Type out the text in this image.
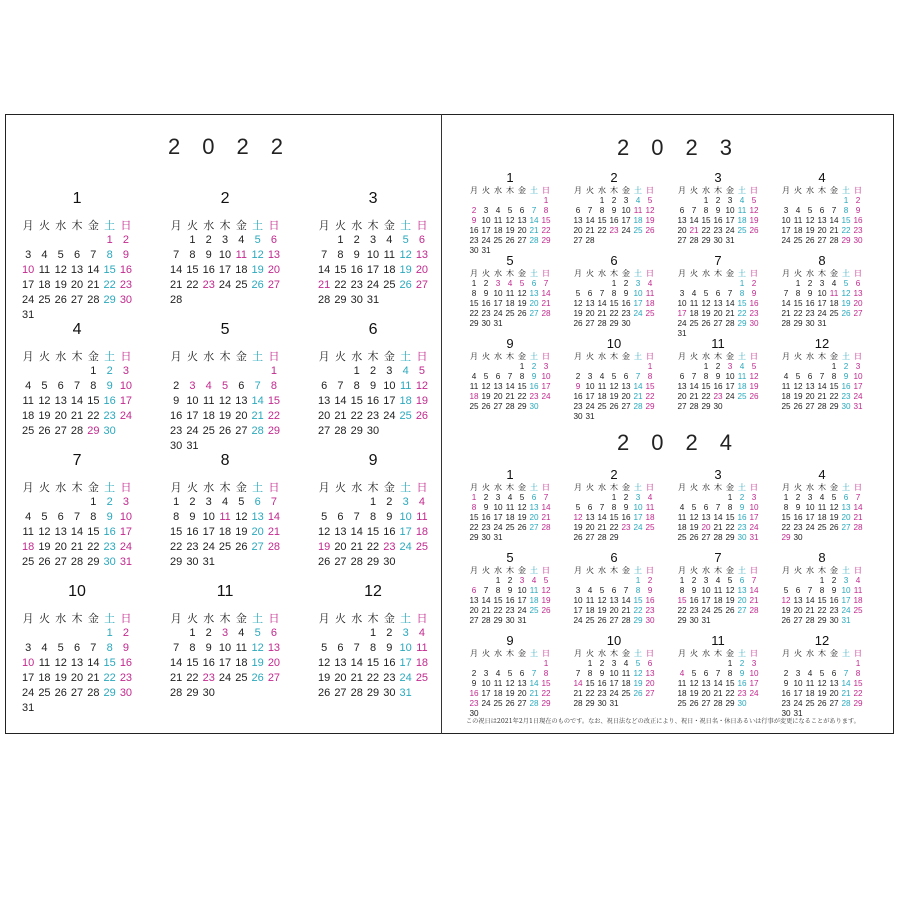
2022	2023
2024
1
月 火 水 木 金 土 日
1 2
3 4 5 6 7 8 9
10 11 12 13 14 15 16
17 18 19 20 21 22 23
24 25 26 27 28 29 30
31
2
月 火 水 木 金 土 日
1 2 3 4 5 6
7 8 9 10 11 12 13
14 15 16 17 18 19 20
21 22 23 24 25 26 27
28
3
月 火 水 木 金 土 日
1 2 3 4 5 6
7 8 9 10 11 12 13
14 15 16 17 18 19 20
21 22 23 24 25 26 27
28 29 30 31
4
月 火 水 木 金 土 日
1 2 3
4 5 6 7 8 9 10
11 12 13 14 15 16 17
18 19 20 21 22 23 24
25 26 27 28 29 30
5
月 火 水 木 金 土 日
1
2 3 4 5 6 7 8
9 10 11 12 13 14 15
16 17 18 19 20 21 22
23 24 25 26 27 28 29
30 31
6
月 火 水 木 金 土 日
1 2 3 4 5
6 7 8 9 10 11 12
13 14 15 16 17 18 19
20 21 22 23 24 25 26
27 28 29 30
7
月 火 水 木 金 土 日
1 2 3
4 5 6 7 8 9 10
11 12 13 14 15 16 17
18 19 20 21 22 23 24
25 26 27 28 29 30 31
8
月 火 水 木 金 土 日
1 2 3 4 5 6 7
8 9 10 11 12 13 14
15 16 17 18 19 20 21
22 23 24 25 26 27 28
29 30 31
9
月 火 水 木 金 土 日
1 2 3 4
5 6 7 8 9 10 11
12 13 14 15 16 17 18
19 20 21 22 23 24 25
26 27 28 29 30
10
月 火 水 木 金 土 日
1 2
3 4 5 6 7 8 9
10 11 12 13 14 15 16
17 18 19 20 21 22 23
24 25 26 27 28 29 30
31
11
月 火 水 木 金 土 日
1 2 3 4 5 6
7 8 9 10 11 12 13
14 15 16 17 18 19 20
21 22 23 24 25 26 27
28 29 30
12
月 火 水 木 金 土 日
1 2 3 4
5 6 7 8 9 10 11
12 13 14 15 16 17 18
19 20 21 22 23 24 25
26 27 28 29 30 31
1
月 火 水 木 金 土 日
1
2 3 4 5 6 7 8
9 10 11 12 13 14 15
16 17 18 19 20 21 22
23 24 25 26 27 28 29
30 31
2
月 火 水 木 金 土 日
1 2 3 4 5
6 7 8 9 10 11 12
13 14 15 16 17 18 19
20 21 22 23 24 25 26
27 28
3
月 火 水 木 金 土 日
1 2 3 4 5
6 7 8 9 10 11 12
13 14 15 16 17 18 19
20 21 22 23 24 25 26
27 28 29 30 31
4
月 火 水 木 金 土 日
1 2
3 4 5 6 7 8 9
10 11 12 13 14 15 16
17 18 19 20 21 22 23
24 25 26 27 28 29 30
5
月 火 水 木 金 土 日
1 2 3 4 5 6 7
8 9 10 11 12 13 14
15 16 17 18 19 20 21
22 23 24 25 26 27 28
29 30 31
6
月 火 水 木 金 土 日
1 2 3 4
5 6 7 8 9 10 11
12 13 14 15 16 17 18
19 20 21 22 23 24 25
26 27 28 29 30
7
月 火 水 木 金 土 日
1 2
3 4 5 6 7 8 9
10 11 12 13 14 15 16
17 18 19 20 21 22 23
24 25 26 27 28 29 30
31
8
月 火 水 木 金 土 日
1 2 3 4 5 6
7 8 9 10 11 12 13
14 15 16 17 18 19 20
21 22 23 24 25 26 27
28 29 30 31
9
月 火 水 木 金 土 日
1 2 3
4 5 6 7 8 9 10
11 12 13 14 15 16 17
18 19 20 21 22 23 24
25 26 27 28 29 30
10
月 火 水 木 金 土 日
1
2 3 4 5 6 7 8
9 10 11 12 13 14 15
16 17 18 19 20 21 22
23 24 25 26 27 28 29
30 31
11
月 火 水 木 金 土 日
1 2 3 4 5
6 7 8 9 10 11 12
13 14 15 16 17 18 19
20 21 22 23 24 25 26
27 28 29 30
12
月 火 水 木 金 土 日
1 2 3
4 5 6 7 8 9 10
11 12 13 14 15 16 17
18 19 20 21 22 23 24
25 26 27 28 29 30 31
1
月 火 水 木 金 土 日
1 2 3 4 5 6 7
8 9 10 11 12 13 14
15 16 17 18 19 20 21
22 23 24 25 26 27 28
29 30 31
2
月 火 水 木 金 土 日
1 2 3 4
5 6 7 8 9 10 11
12 13 14 15 16 17 18
19 20 21 22 23 24 25
26 27 28 29
3
月 火 水 木 金 土 日
1 2 3
4 5 6 7 8 9 10
11 12 13 14 15 16 17
18 19 20 21 22 23 24
25 26 27 28 29 30 31
4
月 火 水 木 金 土 日
1 2 3 4 5 6 7
8 9 10 11 12 13 14
15 16 17 18 19 20 21
22 23 24 25 26 27 28
29 30
5
月 火 水 木 金 土 日
1 2 3 4 5
6 7 8 9 10 11 12
13 14 15 16 17 18 19
20 21 22 23 24 25 26
27 28 29 30 31
6
月 火 水 木 金 土 日
1 2
3 4 5 6 7 8 9
10 11 12 13 14 15 16
17 18 19 20 21 22 23
24 25 26 27 28 29 30
7
月 火 水 木 金 土 日
1 2 3 4 5 6 7
8 9 10 11 12 13 14
15 16 17 18 19 20 21
22 23 24 25 26 27 28
29 30 31
8
月 火 水 木 金 土 日
1 2 3 4
5 6 7 8 9 10 11
12 13 14 15 16 17 18
19 20 21 22 23 24 25
26 27 28 29 30 31
9
月 火 水 木 金 土 日
1
2 3 4 5 6 7 8
9 10 11 12 13 14 15
16 17 18 19 20 21 22
23 24 25 26 27 28 29
30
10
月 火 水 木 金 土 日
1 2 3 4 5 6
7 8 9 10 11 12 13
14 15 16 17 18 19 20
21 22 23 24 25 26 27
28 29 30 31
11
月 火 水 木 金 土 日
1 2 3
4 5 6 7 8 9 10
11 12 13 14 15 16 17
18 19 20 21 22 23 24
25 26 27 28 29 30
12
月 火 水 木 金 土 日
1
2 3 4 5 6 7 8
9 10 11 12 13 14 15
16 17 18 19 20 21 22
23 24 25 26 27 28 29
30 31
この祝日は2021年2月1日現在のものです。なお、祝日法などの改正により、祝日・祝日名・休日あるいは行事が変更になることがあります。
